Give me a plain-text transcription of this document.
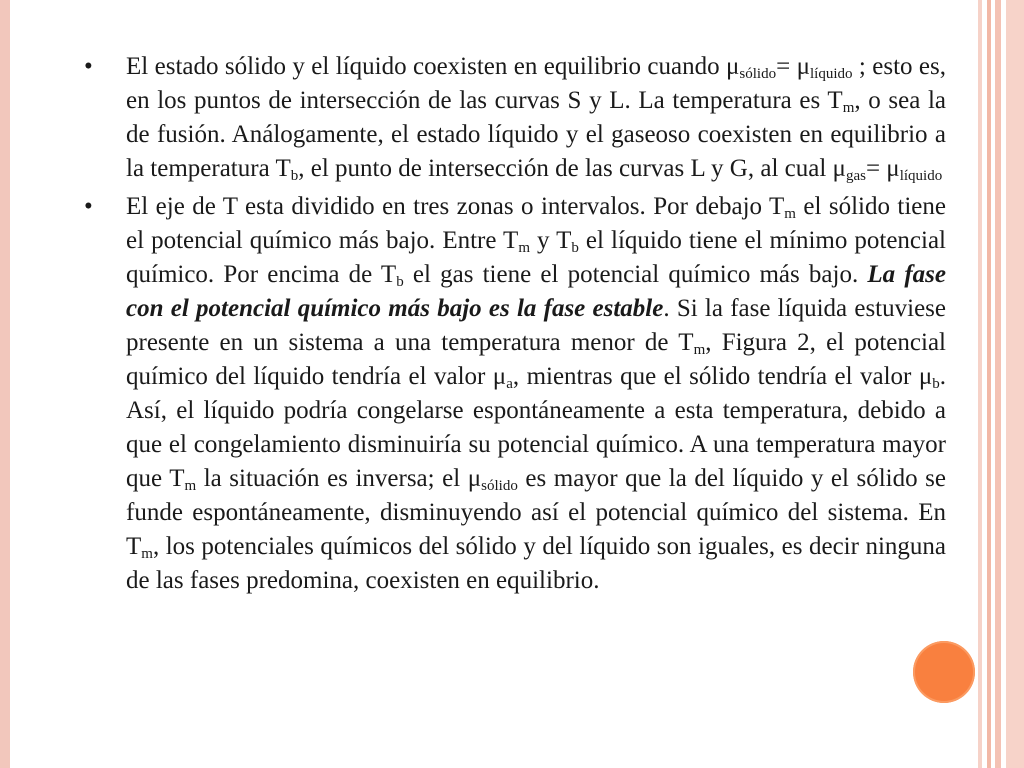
•	El estado sólido y el líquido coexisten en equilibrio cuando $\mu_{sólido}= \mu_{líquido}$ ; esto es, en los puntos de intersección de las curvas S y L. La temperatura es $T_m$, o sea la de fusión. Análogamente, el estado líquido y el gaseoso coexisten en equilibrio a la temperatura $T_b$, el punto de intersección de las curvas L y G, al cual $\mu_{gas}= \mu_{líquido}$
•	El eje de T esta dividido en tres zonas o intervalos. Por debajo $T_m$ el sólido tiene el potencial químico más bajo. Entre $T_m$ y $T_b$ el líquido tiene el mínimo potencial químico. Por encima de $T_b$ el gas tiene el potencial químico más bajo. La fase con el potencial químico más bajo es la fase estable. Si la fase líquida estuviese presente en un sistema a una temperatura menor de $T_m$, Figura 2, el potencial químico del líquido tendría el valor $\mu_a$, mientras que el sólido tendría el valor $\mu_b$. Así, el líquido podría congelarse espontáneamente a esta temperatura, debido a que el congelamiento disminuiría su potencial químico. A una temperatura mayor que $T_m$ la situación es inversa; el $\mu_{sólido}$ es mayor que la del líquido y el sólido se funde espontáneamente, disminuyendo así el potencial químico del sistema. En $T_m$, los potenciales químicos del sólido y del líquido son iguales, es decir ninguna de las fases predomina, coexisten en equilibrio.
